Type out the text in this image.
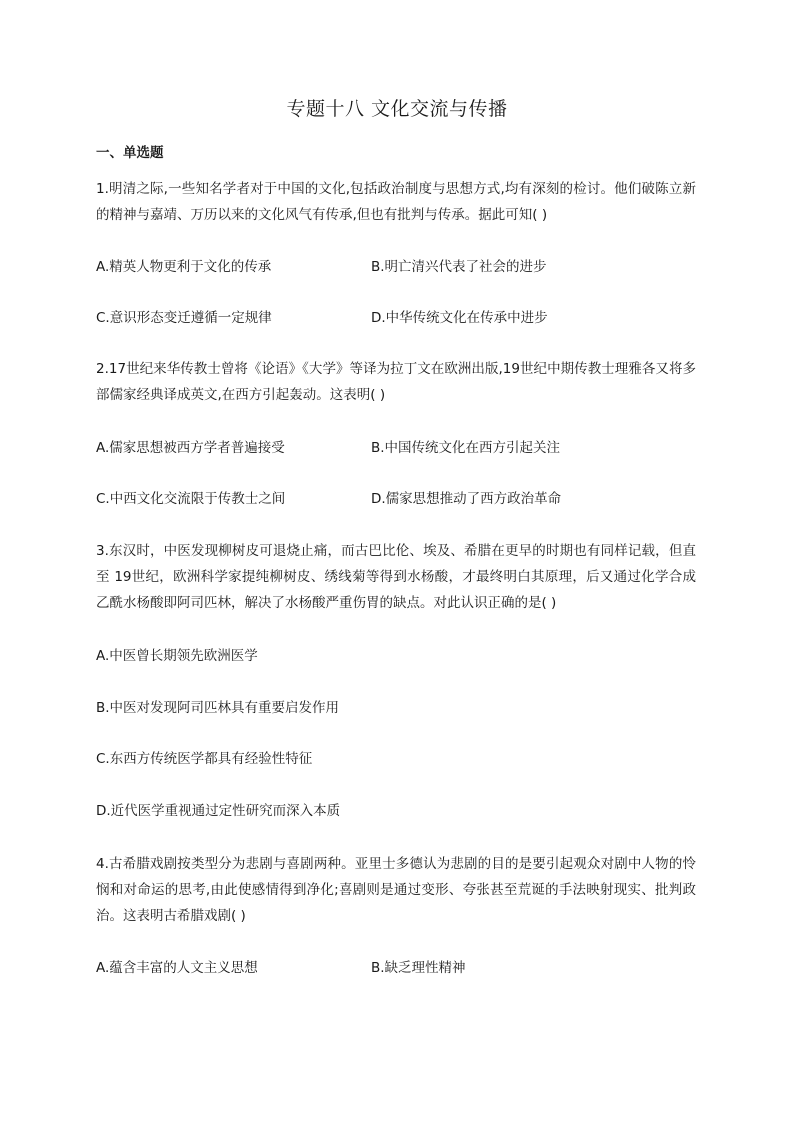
专题十八 文化交流与传播
一、单选题
1.明清之际,一些知名学者对于中国的文化,包括政治制度与思想方式,均有深刻的检讨。他们破陈立新的精神与嘉靖、万历以来的文化风气有传承,但也有批判与传承。据此可知( )
A.精英人物更利于文化的传承	B.明亡清兴代表了社会的进步
C.意识形态变迁遵循一定规律	D.中华传统文化在传承中进步
2.17世纪来华传教士曾将《论语》《大学》等译为拉丁文在欧洲出版,19世纪中期传教士理雅各又将多部儒家经典译成英文,在西方引起轰动。这表明( )
A.儒家思想被西方学者普遍接受	B.中国传统文化在西方引起关注
C.中西文化交流限于传教士之间	D.儒家思想推动了西方政治革命
3.东汉时，中医发现柳树皮可退烧止痛，而古巴比伦、埃及、希腊在更早的时期也有同样记载，但直至 19世纪，欧洲科学家提纯柳树皮、绣线菊等得到水杨酸，才最终明白其原理，后又通过化学合成乙酰水杨酸即阿司匹林，解决了水杨酸严重伤胃的缺点。对此认识正确的是( )
A.中医曾长期领先欧洲医学
B.中医对发现阿司匹林具有重要启发作用
C.东西方传统医学都具有经验性特征
D.近代医学重视通过定性研究而深入本质
4.古希腊戏剧按类型分为悲剧与喜剧两种。亚里士多德认为悲剧的目的是要引起观众对剧中人物的怜悯和对命运的思考,由此使感情得到净化;喜剧则是通过变形、夸张甚至荒诞的手法映射现实、批判政治。这表明古希腊戏剧( )
A.蕴含丰富的人文主义思想	B.缺乏理性精神
